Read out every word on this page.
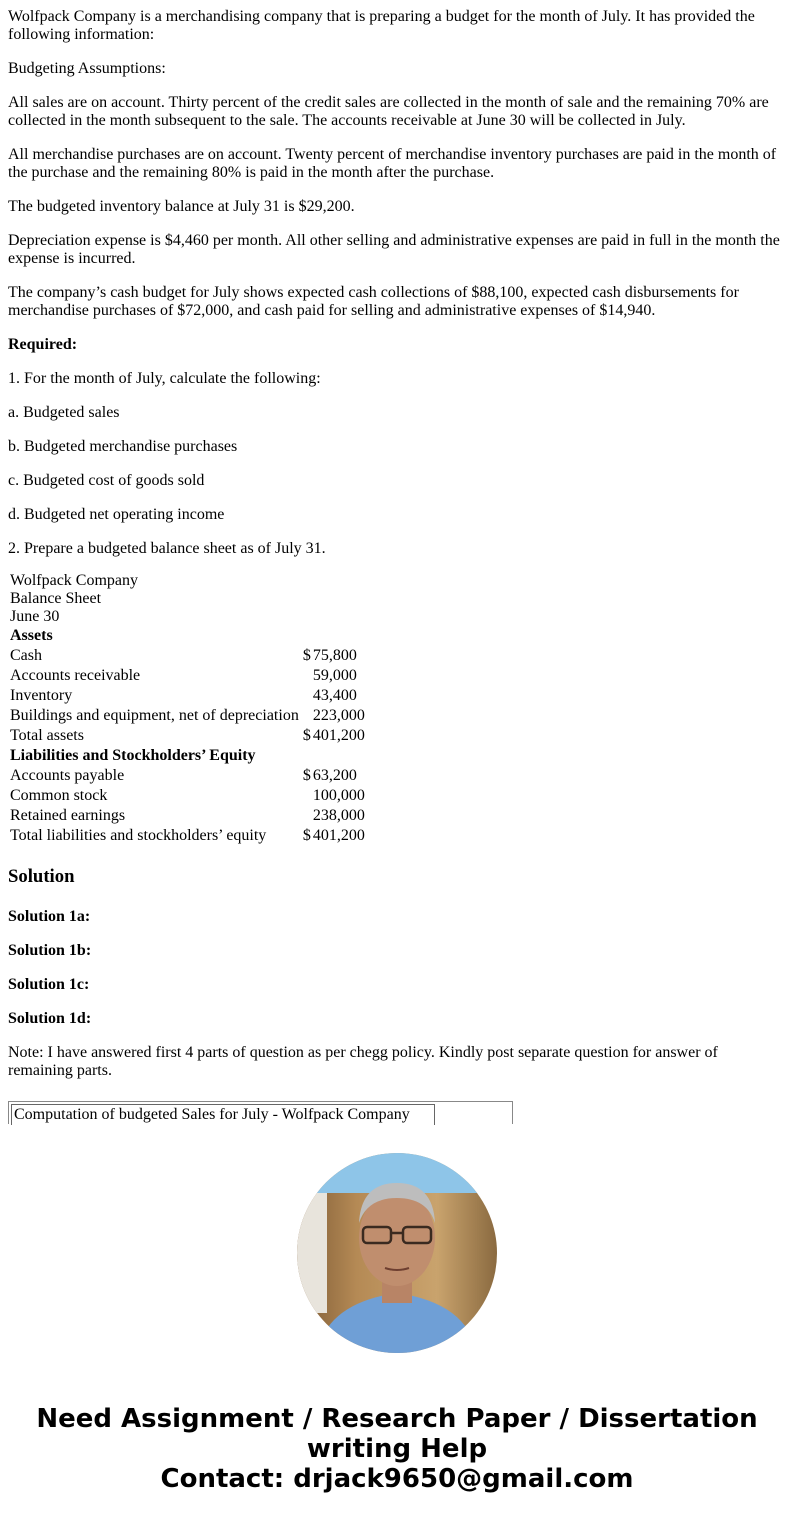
Wolfpack Company is a merchandising company that is preparing a budget for the month of July. It has provided the following information:

Budgeting Assumptions:

All sales are on account. Thirty percent of the credit sales are collected in the month of sale and the remaining 70% are collected in the month subsequent to the sale. The accounts receivable at June 30 will be collected in July.

All merchandise purchases are on account. Twenty percent of merchandise inventory purchases are paid in the month of the purchase and the remaining 80% is paid in the month after the purchase.

The budgeted inventory balance at July 31 is $29,200.

Depreciation expense is $4,460 per month. All other selling and administrative expenses are paid in full in the month the expense is incurred.

The company’s cash budget for July shows expected cash collections of $88,100, expected cash disbursements for merchandise purchases of $72,000, and cash paid for selling and administrative expenses of $14,940.

Required:

1. For the month of July, calculate the following:

a. Budgeted sales

b. Budgeted merchandise purchases

c. Budgeted cost of goods sold

d. Budgeted net operating income

2. Prepare a budgeted balance sheet as of July 31.

Wolfpack Company	
Balance Sheet	
June 30	
Assets	
Cash	$ 75,800
Accounts receivable	59,000
Inventory	43,400
Buildings and equipment, net of depreciation	223,000
Total assets	$ 401,200
Liabilities and Stockholders’ Equity	
Accounts payable	$ 63,200
Common stock	100,000
Retained earnings	238,000
Total liabilities and stockholders’ equity	$ 401,200
Solution

Solution 1a:

Solution 1b:

Solution 1c:

Solution 1d:

Note: I have answered first 4 parts of question as per chegg policy. Kindly post separate question for answer of remaining parts.

Computation of budgeted Sales for July - Wolfpack Company
Need Assignment / Research Paper / Dissertation writing Help
Contact: drjack9650@gmail.com
